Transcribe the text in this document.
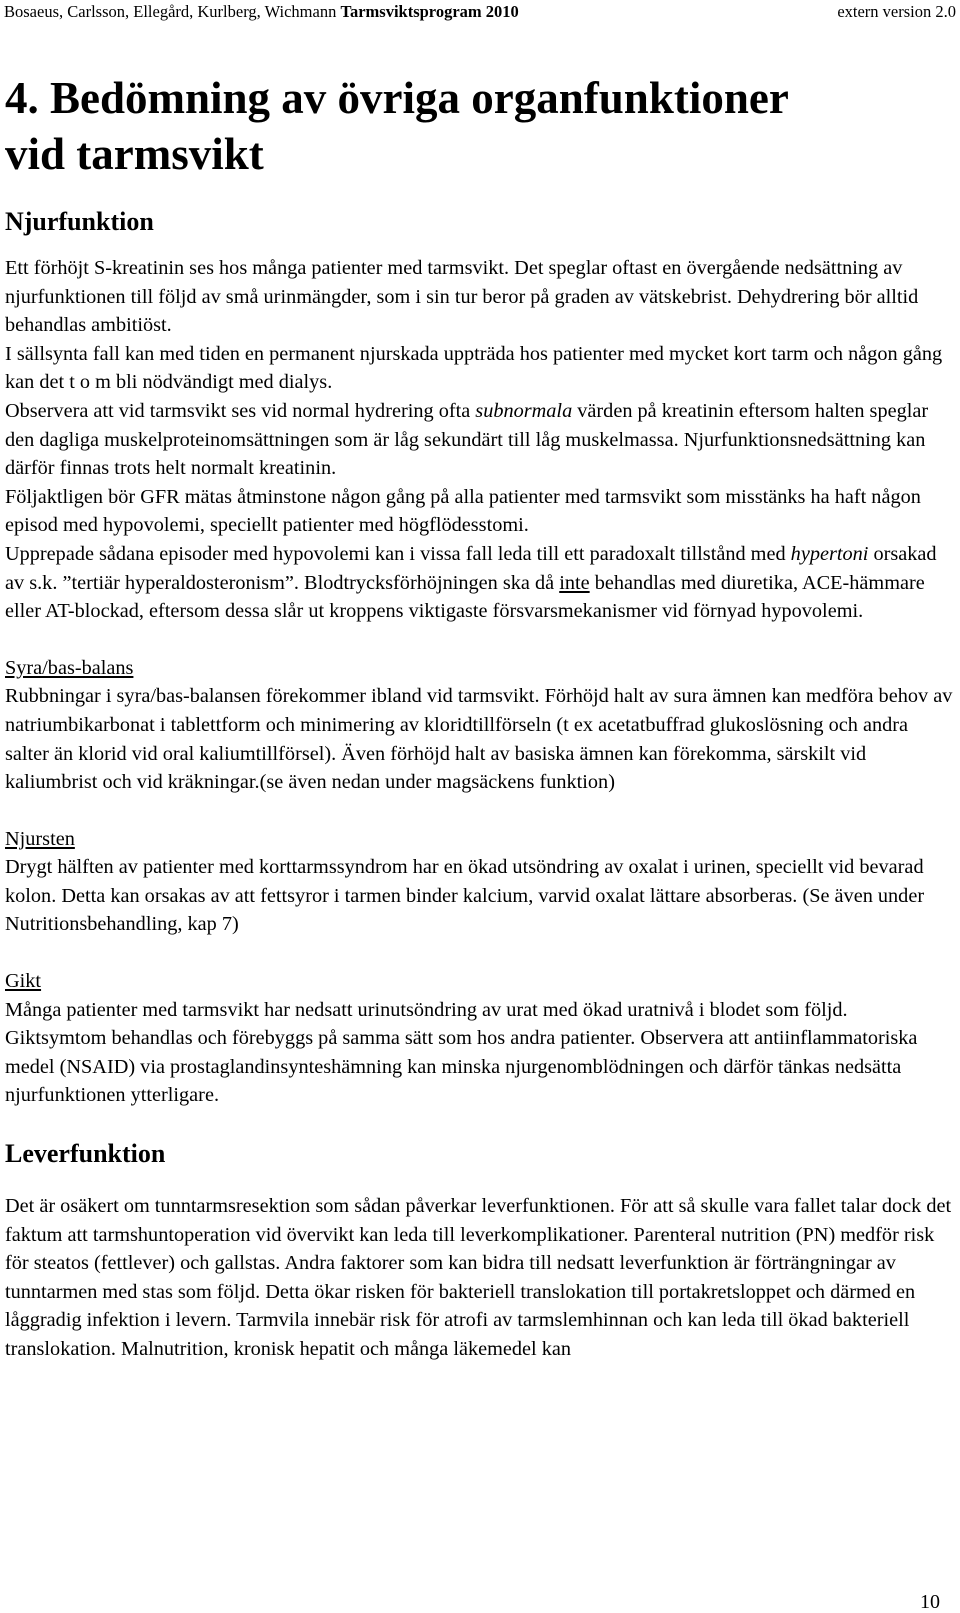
Bosaeus, Carlsson, Ellegård, Kurlberg, Wichmann Tarmsviktsprogram 2010	extern version 2.0
4. Bedömning av övriga organfunktioner
vid tarmsvikt
Njurfunktion

Ett förhöjt S-kreatinin ses hos många patienter med tarmsvikt. Det speglar oftast en övergående nedsättning av njurfunktionen till följd av små urinmängder, som i sin tur beror på graden av vätskebrist. Dehydrering bör alltid behandlas ambitiöst.

I sällsynta fall kan med tiden en permanent njurskada uppträda hos patienter med mycket kort tarm och någon gång kan det t o m bli nödvändigt med dialys.

Observera att vid tarmsvikt ses vid normal hydrering ofta subnormala värden på kreatinin eftersom halten speglar den dagliga muskelproteinomsättningen som är låg sekundärt till låg muskelmassa. Njurfunktionsnedsättning kan därför finnas trots helt normalt kreatinin.

Följaktligen bör GFR mätas åtminstone någon gång på alla patienter med tarmsvikt som misstänks ha haft någon episod med hypovolemi, speciellt patienter med högflödesstomi.

Upprepade sådana episoder med hypovolemi kan i vissa fall leda till ett paradoxalt tillstånd med hypertoni orsakad av s.k. ”tertiär hyperaldosteronism”. Blodtrycksförhöjningen ska då inte behandlas med diuretika, ACE-hämmare eller AT-blockad, eftersom dessa slår ut kroppens viktigaste försvarsmekanismer vid förnyad hypovolemi.

Syra/bas-balans

Rubbningar i syra/bas-balansen förekommer ibland vid tarmsvikt. Förhöjd halt av sura ämnen kan medföra behov av natriumbikarbonat i tablettform och minimering av kloridtillförseln (t ex acetatbuffrad glukoslösning och andra salter än klorid vid oral kaliumtillförsel). Även förhöjd halt av basiska ämnen kan förekomma, särskilt vid kaliumbrist och vid kräkningar.(se även nedan under magsäckens funktion)

Njursten

Drygt hälften av patienter med korttarmssyndrom har en ökad utsöndring av oxalat i urinen, speciellt vid bevarad kolon. Detta kan orsakas av att fettsyror i tarmen binder kalcium, varvid oxalat lättare absorberas. (Se även under Nutritionsbehandling, kap 7)

Gikt

Många patienter med tarmsvikt har nedsatt urinutsöndring av urat med ökad uratnivå i blodet som följd. Giktsymtom behandlas och förebyggs på samma sätt som hos andra patienter. Observera att antiinflammatoriska medel (NSAID) via prostaglandinsynteshämning kan minska njurgenomblödningen och därför tänkas nedsätta njurfunktionen ytterligare.

Leverfunktion

Det är osäkert om tunntarmsresektion som sådan påverkar leverfunktionen. För att så skulle vara fallet talar dock det faktum att tarmshuntoperation vid övervikt kan leda till leverkomplikationer. Parenteral nutrition (PN) medför risk för steatos (fettlever) och gallstas. Andra faktorer som kan bidra till nedsatt leverfunktion är förträngningar av tunntarmen med stas som följd. Detta ökar risken för bakteriell translokation till portakretsloppet och därmed en låggradig infektion i levern. Tarmvila innebär risk för atrofi av tarmslemhinnan och kan leda till ökad bakteriell translokation. Malnutrition, kronisk hepatit och många läkemedel kan

10
